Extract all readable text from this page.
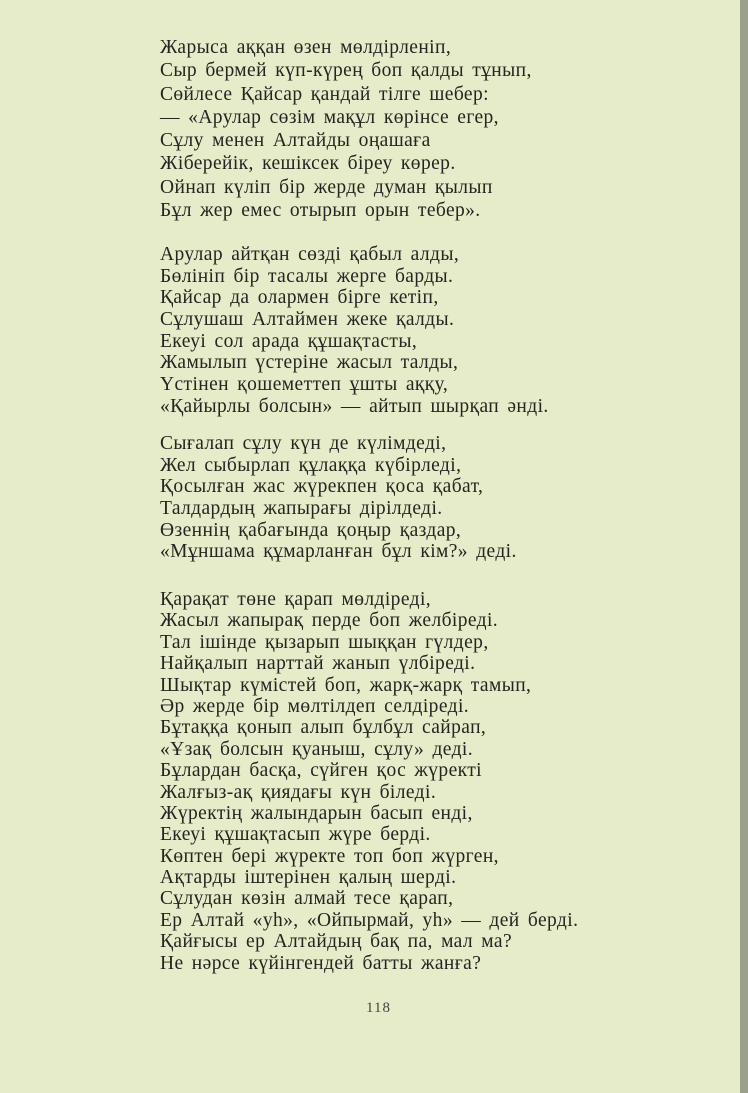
Жарыса аққан өзен мөлдірленіп,
Сыр бермей күп-күрең боп қалды тұнып,
Сөйлесе Қайсар қандай тілге шебер:
— «Арулар сөзім мақұл көрінсе егер,
Сұлу менен Алтайды оңашаға
Жіберейік, кешіксек біреу көрер.
Ойнап күліп бір жерде думан қылып
Бұл жер емес отырып орын тебер».
Арулар айтқан сөзді қабыл алды,
Бөлініп бір тасалы жерге барды.
Қайсар да олармен бірге кетіп,
Сұлушаш Алтаймен жеке қалды.
Екеуі сол арада құшақтасты,
Жамылып үстеріне жасыл талды,
Үстінен қошеметтеп ұшты аққу,
«Қайырлы болсын» — айтып шырқап әнді.
Сығалап сұлу күн де күлімдеді,
Жел сыбырлап құлаққа күбірледі,
Қосылған жас жүрекпен қоса қабат,
Талдардың жапырағы дірілдеді.
Өзеннің қабағында қоңыр қаздар,
«Мұншама құмарланған бұл кім?» деді.
Қарақат төне қарап мөлдіреді,
Жасыл жапырақ перде боп желбіреді.
Тал ішінде қызарып шыққан гүлдер,
Найқалып нарттай жанып үлбіреді.
Шықтар күмістей боп, жарқ-жарқ тамып,
Әр жерде бір мөлтілдеп селдіреді.
Бұтаққа қонып алып бұлбұл сайрап,
«Ұзақ болсын қуаныш, сұлу» деді.
Бұлардан басқа, сүйген қос жүректі
Жалғыз-ақ қиядағы күн біледі.
Жүректің жалындарын басып енді,
Екеуі құшақтасып жүре берді.
Көптен бері жүректе топ боп жүрген,
Ақтарды іштерінен қалың шерді.
Сұлудан көзін алмай тесе қарап,
Ер Алтай «уһ», «Ойпырмай, уһ» — дей берді.
Қайғысы ер Алтайдың бақ па, мал ма?
Не нәрсе күйінгендей батты жанға?
118
